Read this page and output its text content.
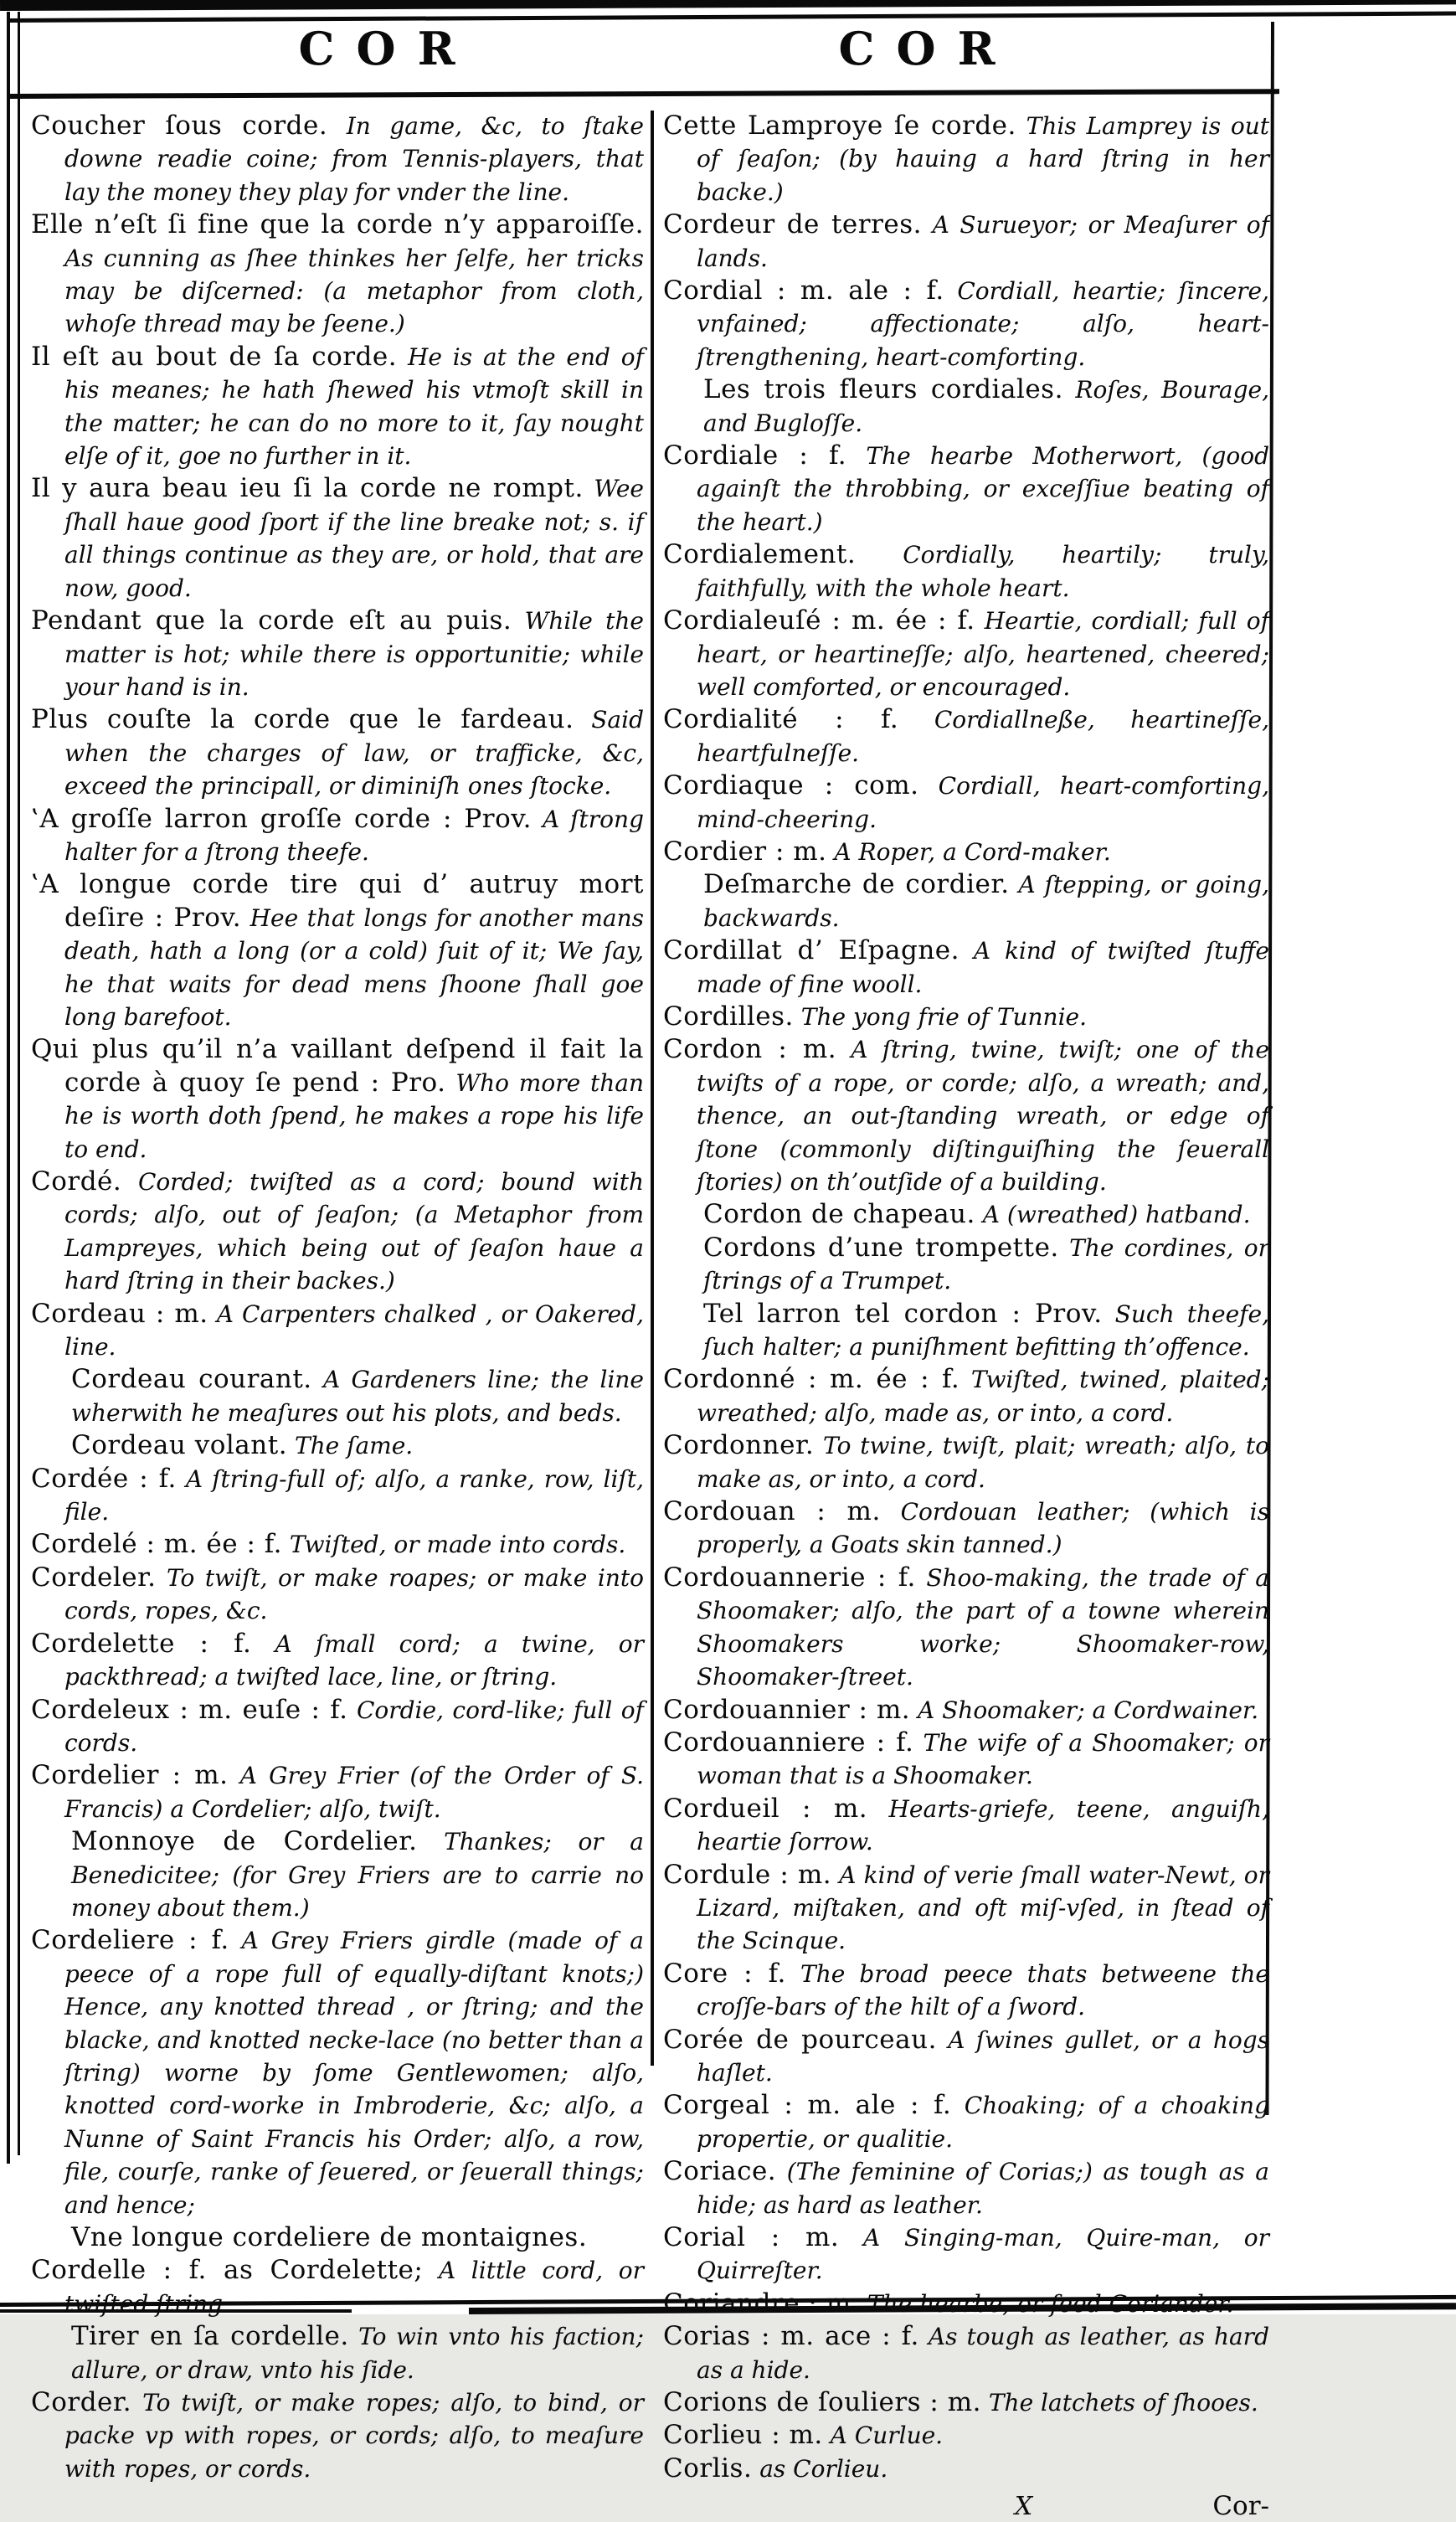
COR	COR

Coucher ſous corde. In game, &c, to ſtake downe readie coine; from Tennis-players, that lay the money they play for vnder the line.

Elle n’eſt ſi fine que la corde n’y apparoiſſe. As cunning as ſhee thinkes her ſelfe, her tricks may be diſcerned: (a metaphor from cloth, whoſe thread may be ſeene.)

Il eſt au bout de ſa corde. He is at the end of his meanes; he hath ſhewed his vtmoſt skill in the matter; he can do no more to it, ſay nought elſe of it, goe no further in it.

Il y aura beau ieu ſi la corde ne rompt. Wee ſhall haue good ſport if the line breake not; s. if all things continue as they are, or hold, that are now, good.

Pendant que la corde eſt au puis. While the matter is hot; while there is opportunitie; while your hand is in.

Plus couſte la corde que le fardeau. Said when the charges of law, or trafficke, &c, exceed the principall, or diminiſh ones ſtocke.

‛A groſſe larron groſſe corde : Prov. A ſtrong halter for a ſtrong theefe.

‛A longue corde tire qui d’ autruy mort deſire : Prov. Hee that longs for another mans death, hath a long (or a cold) ſuit of it; We ſay, he that waits for dead mens ſhoone ſhall goe long barefoot.

Qui plus qu’il n’a vaillant deſpend il fait la corde à quoy ſe pend : Pro. Who more than he is worth doth ſpend, he makes a rope his life to end.

Cordé. Corded; twiſted as a cord; bound with cords; alſo, out of ſeaſon; (a Metaphor from Lampreyes, which being out of ſeaſon haue a hard ſtring in their backes.)

Cordeau : m. A Carpenters chalked , or Oakered, line.

Cordeau courant. A Gardeners line; the line wherwith he meaſures out his plots, and beds.

Cordeau volant. The ſame.

Cordée : f. A ſtring-full of; alſo, a ranke, row, liſt, file.

Cordelé : m. ée : f. Twiſted, or made into cords.

Cordeler. To twiſt, or make roapes; or make into cords, ropes, &c.

Cordelette : f. A ſmall cord; a twine, or packthread; a twiſted lace, line, or ſtring.

Cordeleux : m. euſe : f. Cordie, cord-like; full of cords.

Cordelier : m. A Grey Frier (of the Order of S. Francis) a Cordelier; alſo, twiſt.

Monnoye de Cordelier. Thankes; or a Benedicitee; (for Grey Friers are to carrie no money about them.)

Cordeliere : f. A Grey Friers girdle (made of a peece of a rope full of equally-diſtant knots;) Hence, any knotted thread , or ſtring; and the blacke, and knotted necke-lace (no better than a ſtring) worne by ſome Gentlewomen; alſo, knotted cord-worke in Imbroderie, &c; alſo, a Nunne of Saint Francis his Order; alſo, a row, file, courſe, ranke of ſeuered, or ſeuerall things; and hence;

Vne longue cordeliere de montaignes.

Cordelle : f. as Cordelette; A little cord, or twiſted ſtring.

Tirer en ſa cordelle. To win vnto his faction; allure, or draw, vnto his ſide.

Corder. To twiſt, or make ropes; alſo, to bind, or packe vp with ropes, or cords; alſo, to meaſure with ropes, or cords.

Cette Lamproye ſe corde. This Lamprey is out of ſeaſon; (by hauing a hard ſtring in her backe.)

Cordeur de terres. A Surueyor; or Meaſurer of lands.

Cordial : m. ale : f. Cordiall, heartie; ſincere, vnfained; affectionate; alſo, heart-ſtrengthening, heart-comforting.

Les trois fleurs cordiales. Roſes, Bourage, and Bugloſſe.

Cordiale : f. The hearbe Motherwort, (good againſt the throbbing, or exceſſiue beating of the heart.)

Cordialement. Cordially, heartily; truly, faithfully, with the whole heart.

Cordialeuſé : m. ée : f. Heartie, cordiall; full of heart, or heartineſſe; alſo, heartened, cheered; well comforted, or encouraged.

Cordialité : f. Cordiallneße, heartineſſe, heartfulneſſe.

Cordiaque : com. Cordiall, heart-comforting, mind-cheering.

Cordier : m. A Roper, a Cord-maker.

Deſmarche de cordier. A ſtepping, or going, backwards.

Cordillat d’ Eſpagne. A kind of twiſted ſtuffe made of fine wooll.

Cordilles. The yong frie of Tunnie.

Cordon : m. A ſtring, twine, twiſt; one of the twiſts of a rope, or corde; alſo, a wreath; and, thence, an out-ſtanding wreath, or edge of ſtone (commonly diſtinguiſhing the ſeuerall ſtories) on th’outſide of a building.

Cordon de chapeau. A (wreathed) hatband.

Cordons d’une trompette. The cordines, or ſtrings of a Trumpet.

Tel larron tel cordon : Prov. Such theefe, ſuch halter; a puniſhment befitting th’offence.

Cordonné : m. ée : f. Twiſted, twined, plaited; wreathed; alſo, made as, or into, a cord.

Cordonner. To twine, twiſt, plait; wreath; alſo, to make as, or into, a cord.

Cordouan : m. Cordouan leather; (which is properly, a Goats skin tanned.)

Cordouannerie : f. Shoo-making, the trade of a Shoomaker; alſo, the part of a towne wherein Shoomakers worke; Shoomaker-row, Shoomaker-ſtreet.

Cordouannier : m. A Shoomaker; a Cordwainer.

Cordouanniere : f. The wife of a Shoomaker; or woman that is a Shoomaker.

Cordueil : m. Hearts-griefe, teene, anguiſh, heartie ſorrow.

Cordule : m. A kind of verie ſmall water-Newt, or Lizard, miſtaken, and oft miſ-vſed, in ſtead of the Scinque.

Core : f. The broad peece thats betweene the croſſe-bars of the hilt of a ſword.

Corée de pourceau. A ſwines gullet, or a hogs haſlet.

Corgeal : m. ale : f. Choaking; of a choaking propertie, or qualitie.

Coriace. (The feminine of Corias;) as tough as a hide; as hard as leather.

Corial : m. A Singing-man, Quire-man, or Quirreſter.

Coriandre : m. The hearbe, or ſeed Coriander.

Corias : m. ace : f. As tough as leather, as hard as a hide.

Corions de ſouliers : m. The latchets of ſhooes.

Corlieu : m. A Curlue.

Corlis. as Corlieu.

X	Cor-
